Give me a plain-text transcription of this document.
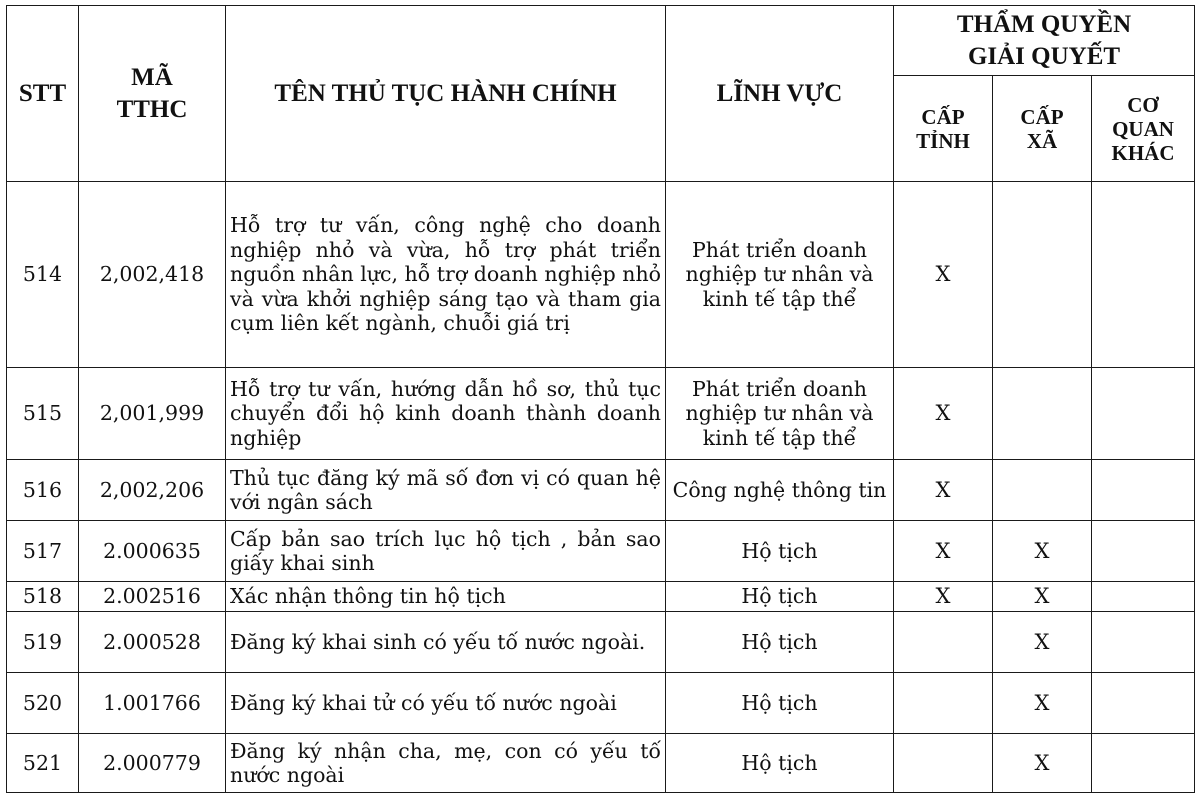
STT	MÃ TTHC	TÊN THỦ TỤC HÀNH CHÍNH	LĨNH VỰC	THẨM QUYỀN GIẢI QUYẾT		
				CẤP TỈNH	CẤP XÃ	CƠ QUAN KHÁC
514	2,002,418	Hỗ trợ tư vấn, công nghệ cho doanh nghiệp nhỏ và vừa, hỗ trợ phát triển nguồn nhân lực, hỗ trợ doanh nghiệp nhỏ và vừa khởi nghiệp sáng tạo và tham gia cụm liên kết ngành, chuỗi giá trị	Phát triển doanh nghiệp tư nhân và kinh tế tập thể	X		
515	2,001,999	Hỗ trợ tư vấn, hướng dẫn hồ sơ, thủ tục chuyển đổi hộ kinh doanh thành doanh nghiệp	Phát triển doanh nghiệp tư nhân và kinh tế tập thể	X		
516	2,002,206	Thủ tục đăng ký mã số đơn vị có quan hệ với ngân sách	Công nghệ thông tin	X		
517	2.000635	Cấp bản sao trích lục hộ tịch , bản sao giấy khai sinh	Hộ tịch	X	X	
518	2.002516	Xác nhận thông tin hộ tịch	Hộ tịch	X	X	
519	2.000528	Đăng ký khai sinh có yếu tố nước ngoài.	Hộ tịch		X	
520	1.001766	Đăng ký khai tử có yếu tố nước ngoài	Hộ tịch		X	
521	2.000779	Đăng ký nhận cha, mẹ, con có yếu tố nước ngoài	Hộ tịch		X	
